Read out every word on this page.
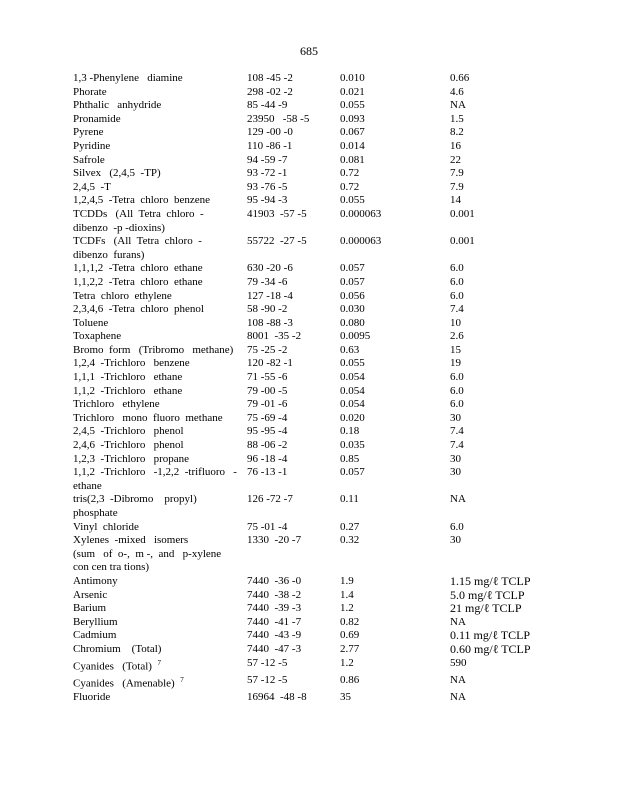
685
1,3 -Phenylene   diamine	108 -45 -2	0.010	0.66
Phorate	298 -02 -2	0.021	4.6
Phthalic   anhydride	85 -44 -9	0.055	NA
Pronamide	23950   -58 -5	0.093	1.5
Pyrene	129 -00 -0	0.067	8.2
Pyridine	110 -86 -1	0.014	16
Safrole	94 -59 -7	0.081	22
Silvex   (2,4,5  -TP)	93 -72 -1	0.72	7.9
2,4,5  -T	93 -76 -5	0.72	7.9
1,2,4,5  -Tetra  chloro  benzene	95 -94 -3	0.055	14
TCDDs   (All  Tetra  chloro  -	41903  -57 -5	0.000063	0.001
dibenzo  -p -dioxins)
TCDFs   (All  Tetra  chloro  -	55722  -27 -5	0.000063	0.001
dibenzo  furans)
1,1,1,2  -Tetra  chloro  ethane	630 -20 -6	0.057	6.0
1,1,2,2  -Tetra  chloro  ethane	79 -34 -6	0.057	6.0
Tetra  chloro  ethylene	127 -18 -4	0.056	6.0
2,3,4,6  -Tetra  chloro  phenol	58 -90 -2	0.030	7.4
Toluene	108 -88 -3	0.080	10
Toxaphene	8001  -35 -2	0.0095	2.6
Bromo  form   (Tribromo   methane)	75 -25 -2	0.63	15
1,2,4  -Trichloro   benzene	120 -82 -1	0.055	19
1,1,1  -Trichloro   ethane	71 -55 -6	0.054	6.0
1,1,2  -Trichloro   ethane	79 -00 -5	0.054	6.0
Trichloro   ethylene	79 -01 -6	0.054	6.0
Trichloro   mono  fluoro  methane	75 -69 -4	0.020	30
2,4,5  -Trichloro   phenol	95 -95 -4	0.18	7.4
2,4,6  -Trichloro   phenol	88 -06 -2	0.035	7.4
1,2,3  -Trichloro   propane	96 -18 -4	0.85	30
1,1,2  -Trichloro   -1,2,2  -trifluoro   - 76 -13 -1	0.057	30
ethane
tris(2,3  -Dibromo    propyl)	126 -72 -7	0.11	NA
phosphate
Vinyl  chloride	75 -01 -4	0.27	6.0
Xylenes  -mixed   isomers	1330  -20 -7	0.32	30
(sum   of  o-,  m -,  and   p-xylene
con cen tra tions)
Antimony	7440  -36 -0	1.9	1.15 mg/ℓ TCLP
Arsenic	7440  -38 -2	1.4	5.0 mg/ℓ TCLP
Barium	7440  -39 -3	1.2	21 mg/ℓ TCLP
Beryllium	7440  -41 -7	0.82	NA
Cadmium	7440  -43 -9	0.69	0.11 mg/ℓ TCLP
Chromium    (Total)	7440  -47 -3	2.77	0.60 mg/ℓ TCLP
Cyanides   (Total) $^7$	57 -12 -5	1.2	590
Cyanides   (Amenable) $^7$	57 -12 -5	0.86	NA
Fluoride	16964  -48 -8	35	NA
